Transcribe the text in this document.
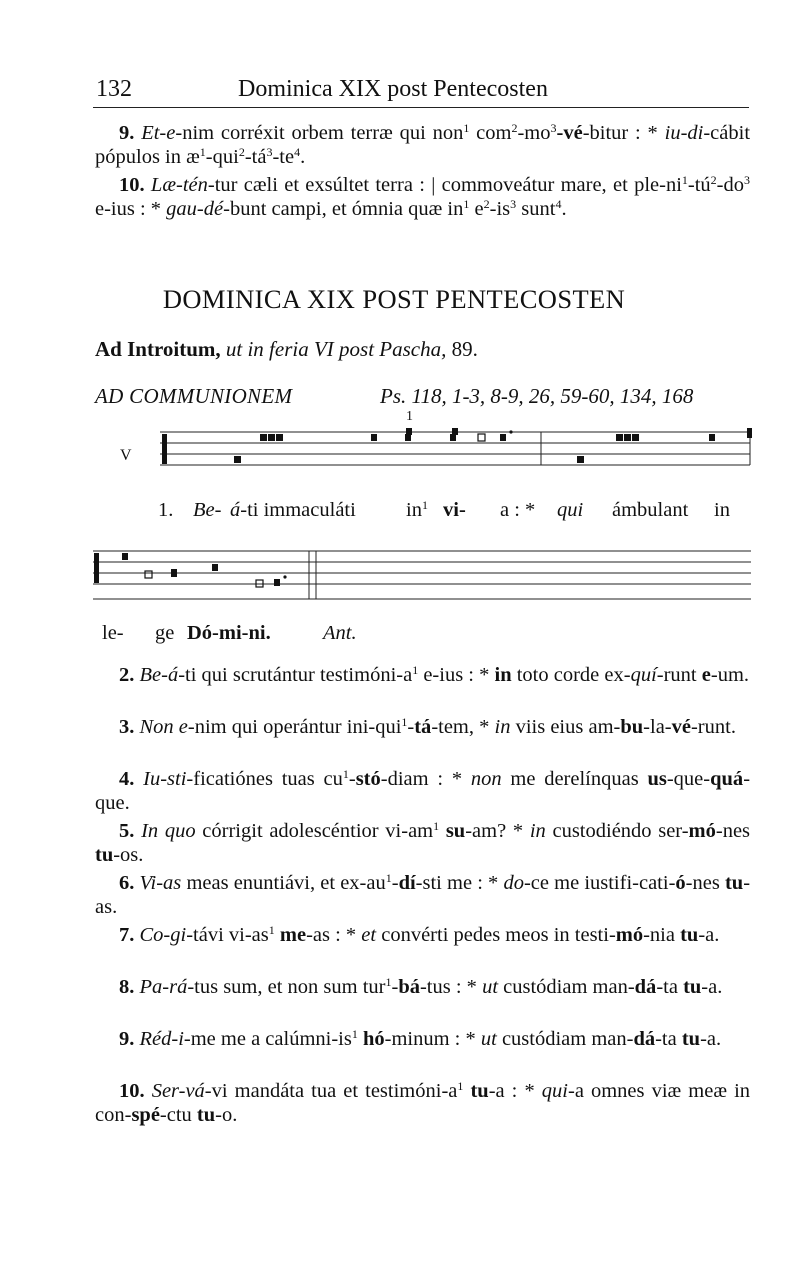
132	Dominica XIX post Pentecosten
9. Et-e-nim corréxit orbem terræ qui non$^1$ $com^2-mo^3-vé$-bitur : * iu-di-cábit pópulos in $æ^1-qui^2-tá^3-te^4$.
10. Læ-tén-tur cæli et exsúltet terra : | commoveátur mare, et ple-$ni^1-tú^2-do^3$ e-ius : * gau-dé-bunt campi, et ómnia quæ $in^1$ $e^2-is^3$ sunt$^4$.
DOMINICA XIX POST PENTECOSTEN
Ad Introitum, ut in feria VI post Pascha, 89.
AD COMMUNIONEM	Ps. 118, 1-3, 8-9, 26, 59-60, 134, 168
1
V
1. Be- á-ti immaculáti $in^1$ vi- a : * qui ámbulant in
le- ge Dó-mi-ni.	Ant.
2. Be-á-ti qui scrutántur testimóni-$a^1$ e-ius : * in toto corde ex-quí-runt e-um.
3. Non e-nim qui operántur ini-qui$^1$-tá-tem, * in viis eius am-bu-la-vé-runt.
4. Iu-sti-ficatiónes tuas $cu^1-stó$-diam : * non me derelínquas us-que-quá-que.
5. In quo córrigit adolescéntior $vi-am^1$ su-am? * in custodiéndo ser-mó-nes tu-os.
6. Vi-as meas enuntiávi, et $ex-au^1-dí$-sti me : * do-ce me iustifi-cati-ó-nes tu-as.
7. Co-gi-távi $vi-as^1$ me-as : * et convérti pedes meos in testi-mó-nia tu-a.
8. Pa-rá-tus sum, et non sum tur$^1$-bá-tus : * ut custódiam man-dá-ta tu-a.
9. Réd-i-me me a calúmni-$is^1$ hó-minum : * ut custódiam man-dá-ta tu-a.
10. Ser-vá-vi mandáta tua et testimóni-$a^1$ tu-a : * qui-a omnes viæ meæ in con-spé-ctu tu-o.
